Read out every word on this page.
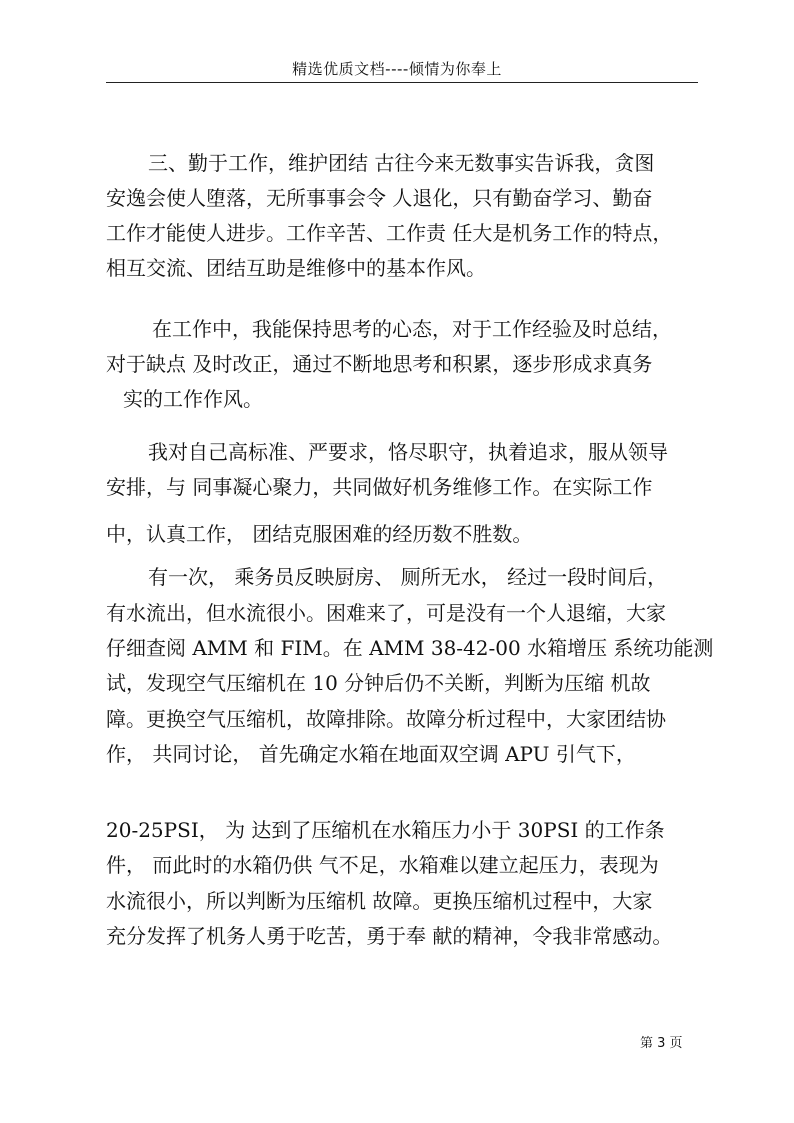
精选优质文档----倾情为你奉上
三、勤于工作，维护团结 古往今来无数事实告诉我，贪图
安逸会使人堕落，无所事事会令 人退化，只有勤奋学习、勤奋
工作才能使人进步。工作辛苦、工作责 任大是机务工作的特点，
相互交流、团结互助是维修中的基本作风。
在工作中，我能保持思考的心态，对于工作经验及时总结，
对于缺点 及时改正，通过不断地思考和积累，逐步形成求真务
实的工作作风。
我对自己高标准、严要求，恪尽职守，执着追求，服从领导
安排，与 同事凝心聚力，共同做好机务维修工作。在实际工作
中，认真工作， 团结克服困难的经历数不胜数。
有一次， 乘务员反映厨房、 厕所无水， 经过一段时间后，
有水流出，但水流很小。困难来了，可是没有一个人退缩，大家
仔细查阅 AMM 和 FIM。在 AMM 38-42-00 水箱增压 系统功能测
试，发现空气压缩机在 10 分钟后仍不关断，判断为压缩 机故
障。更换空气压缩机，故障排除。故障分析过程中，大家团结协
作， 共同讨论， 首先确定水箱在地面双空调 APU 引气下，
20-25PSI， 为 达到了压缩机在水箱压力小于 30PSI 的工作条
件， 而此时的水箱仍供 气不足，水箱难以建立起压力，表现为
水流很小，所以判断为压缩机 故障。更换压缩机过程中，大家
充分发挥了机务人勇于吃苦，勇于奉 献的精神，令我非常感动。
第 3 页
